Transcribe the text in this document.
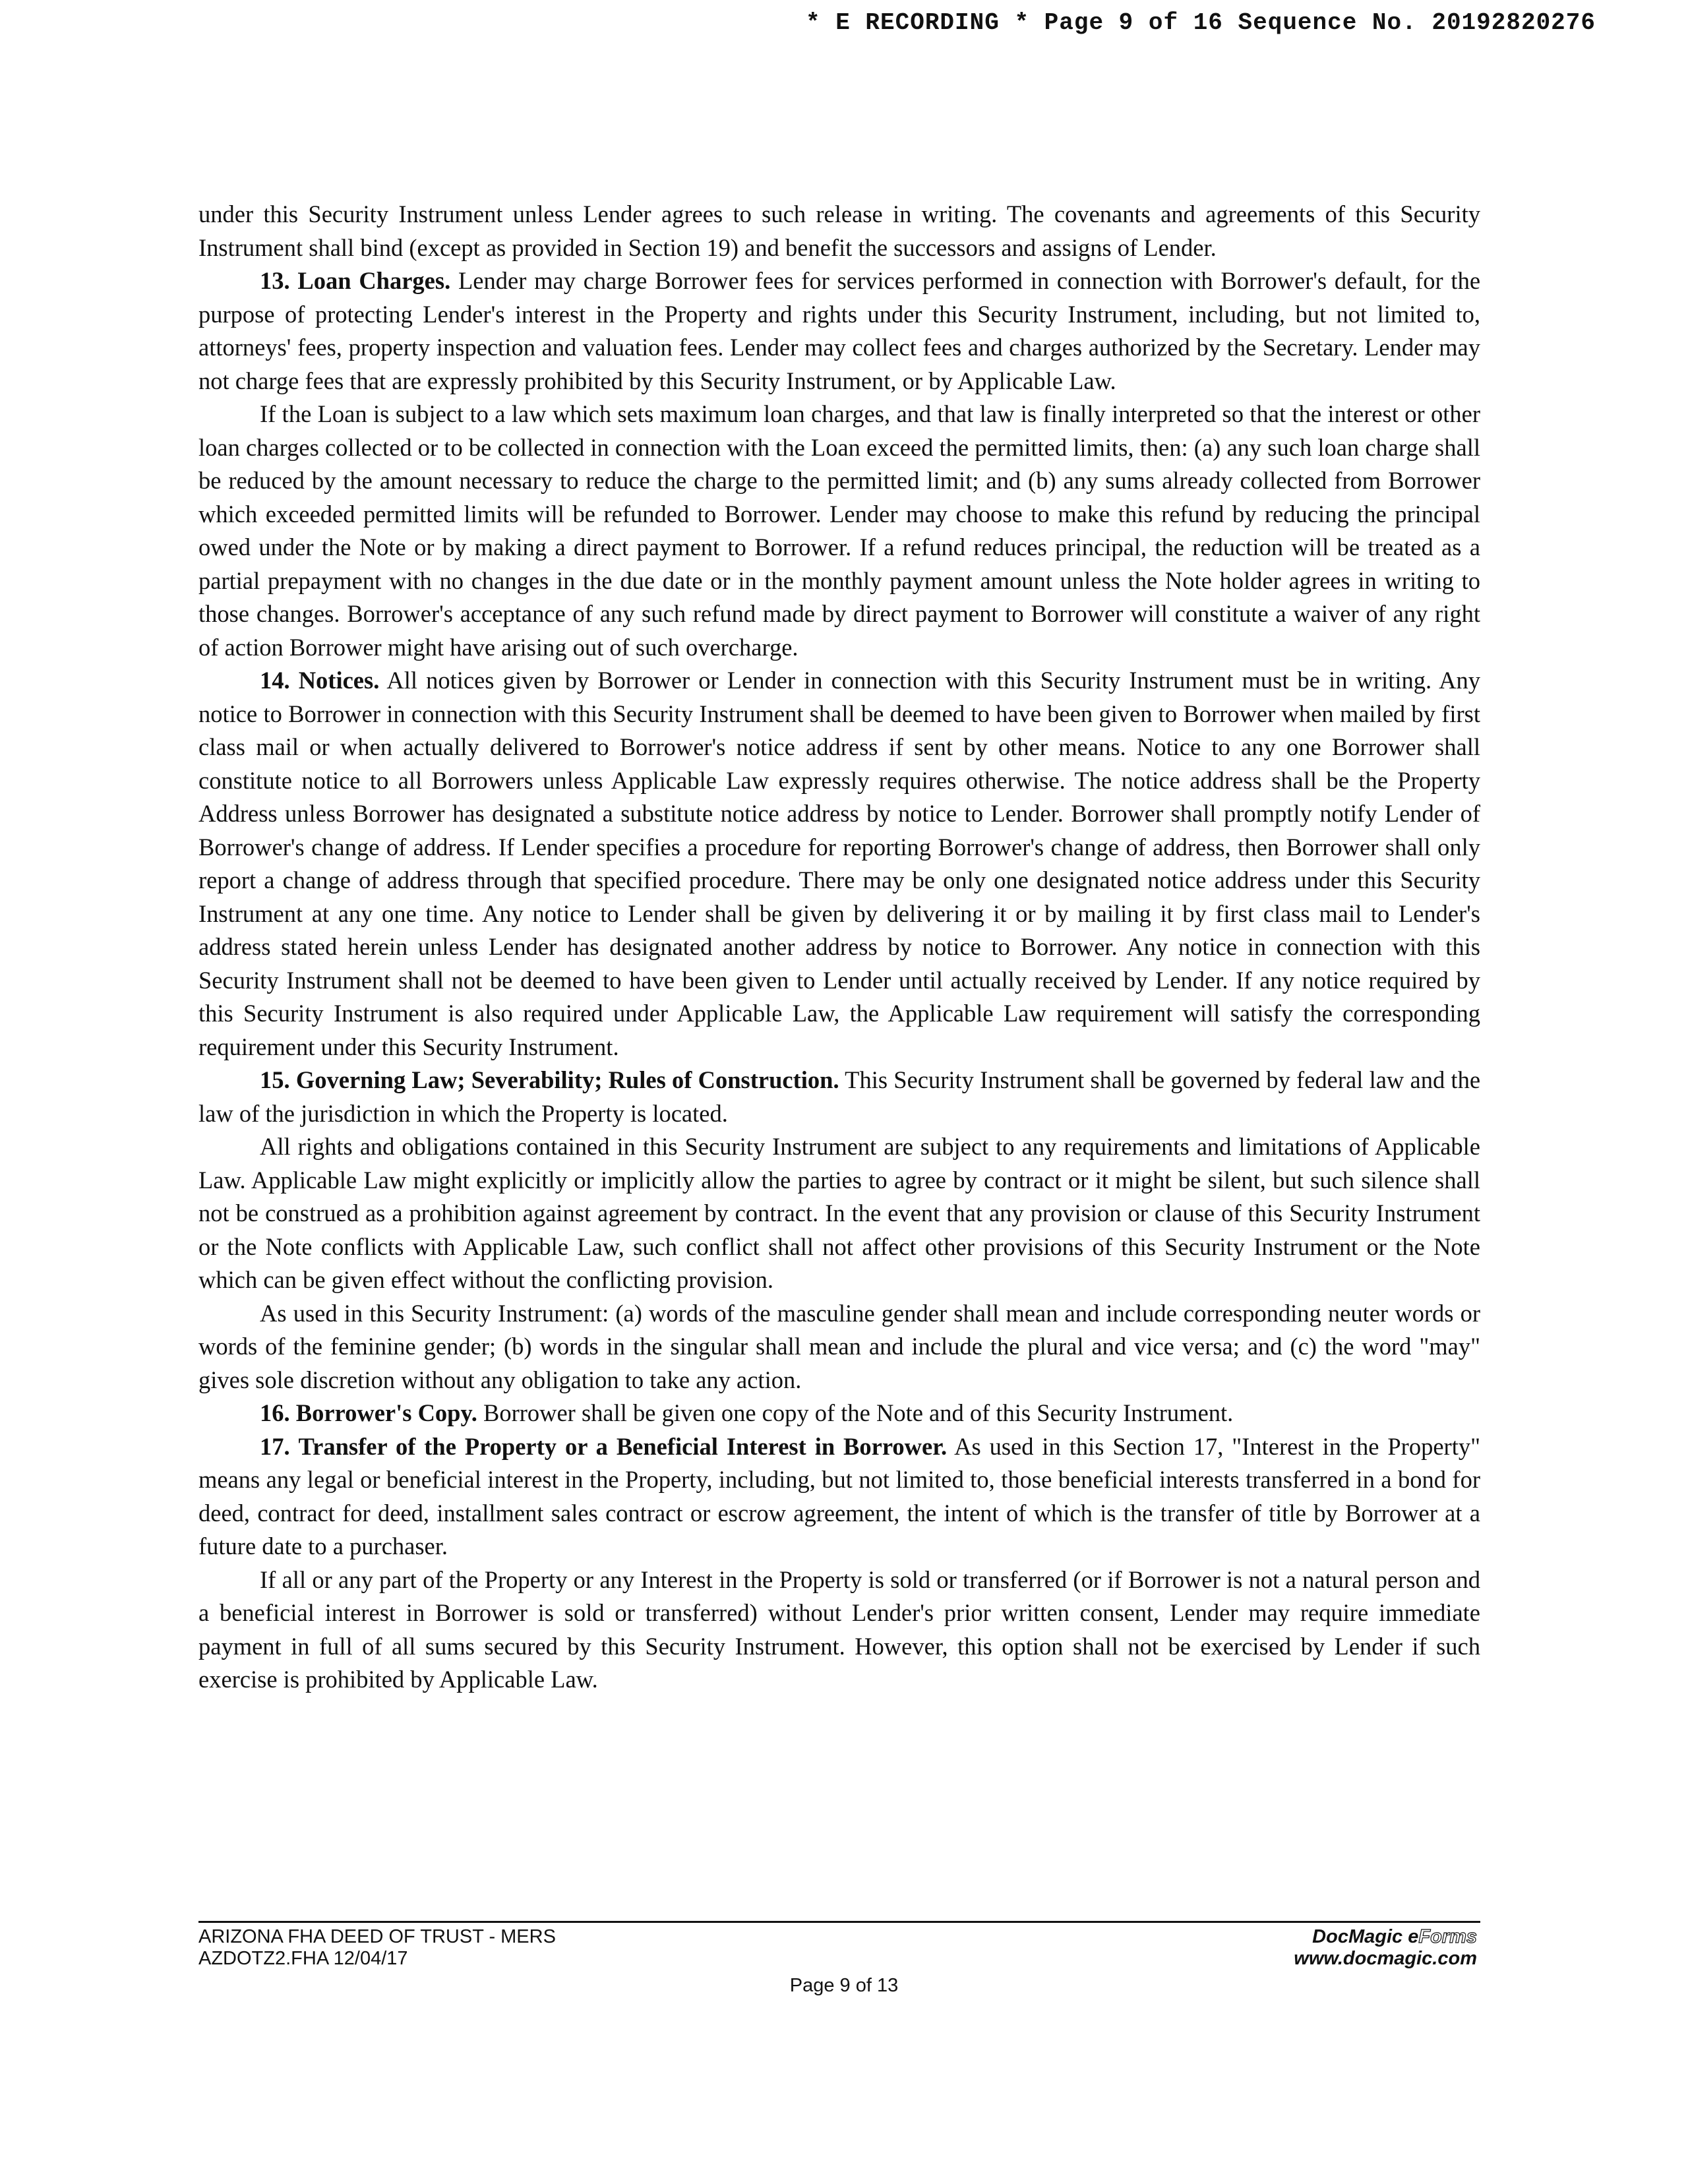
* E RECORDING * Page 9 of 16 Sequence No. 20192820276

under this Security Instrument unless Lender agrees to such release in writing. The covenants and agreements of this Security Instrument shall bind (except as provided in Section 19) and benefit the successors and assigns of Lender.

13. Loan Charges. Lender may charge Borrower fees for services performed in connection with Borrower's default, for the purpose of protecting Lender's interest in the Property and rights under this Security Instrument, including, but not limited to, attorneys' fees, property inspection and valuation fees. Lender may collect fees and charges authorized by the Secretary. Lender may not charge fees that are expressly prohibited by this Security Instrument, or by Applicable Law.

If the Loan is subject to a law which sets maximum loan charges, and that law is finally interpreted so that the interest or other loan charges collected or to be collected in connection with the Loan exceed the permitted limits, then: (a) any such loan charge shall be reduced by the amount necessary to reduce the charge to the permitted limit; and (b) any sums already collected from Borrower which exceeded permitted limits will be refunded to Borrower. Lender may choose to make this refund by reducing the principal owed under the Note or by making a direct payment to Borrower. If a refund reduces principal, the reduction will be treated as a partial prepayment with no changes in the due date or in the monthly payment amount unless the Note holder agrees in writing to those changes. Borrower's acceptance of any such refund made by direct payment to Borrower will constitute a waiver of any right of action Borrower might have arising out of such overcharge.

14. Notices. All notices given by Borrower or Lender in connection with this Security Instrument must be in writing. Any notice to Borrower in connection with this Security Instrument shall be deemed to have been given to Borrower when mailed by first class mail or when actually delivered to Borrower's notice address if sent by other means. Notice to any one Borrower shall constitute notice to all Borrowers unless Applicable Law expressly requires otherwise. The notice address shall be the Property Address unless Borrower has designated a substitute notice address by notice to Lender. Borrower shall promptly notify Lender of Borrower's change of address. If Lender specifies a procedure for reporting Borrower's change of address, then Borrower shall only report a change of address through that specified procedure. There may be only one designated notice address under this Security Instrument at any one time. Any notice to Lender shall be given by delivering it or by mailing it by first class mail to Lender's address stated herein unless Lender has designated another address by notice to Borrower. Any notice in connection with this Security Instrument shall not be deemed to have been given to Lender until actually received by Lender. If any notice required by this Security Instrument is also required under Applicable Law, the Applicable Law requirement will satisfy the corresponding requirement under this Security Instrument.

15. Governing Law; Severability; Rules of Construction. This Security Instrument shall be governed by federal law and the law of the jurisdiction in which the Property is located.

All rights and obligations contained in this Security Instrument are subject to any requirements and limitations of Applicable Law. Applicable Law might explicitly or implicitly allow the parties to agree by contract or it might be silent, but such silence shall not be construed as a prohibition against agreement by contract. In the event that any provision or clause of this Security Instrument or the Note conflicts with Applicable Law, such conflict shall not affect other provisions of this Security Instrument or the Note which can be given effect without the conflicting provision.

As used in this Security Instrument: (a) words of the masculine gender shall mean and include corresponding neuter words or words of the feminine gender; (b) words in the singular shall mean and include the plural and vice versa; and (c) the word "may" gives sole discretion without any obligation to take any action.

16. Borrower's Copy. Borrower shall be given one copy of the Note and of this Security Instrument.

17. Transfer of the Property or a Beneficial Interest in Borrower. As used in this Section 17, "Interest in the Property" means any legal or beneficial interest in the Property, including, but not limited to, those beneficial interests transferred in a bond for deed, contract for deed, installment sales contract or escrow agreement, the intent of which is the transfer of title by Borrower at a future date to a purchaser.

If all or any part of the Property or any Interest in the Property is sold or transferred (or if Borrower is not a natural person and a beneficial interest in Borrower is sold or transferred) without Lender's prior written consent, Lender may require immediate payment in full of all sums secured by this Security Instrument. However, this option shall not be exercised by Lender if such exercise is prohibited by Applicable Law.

ARIZONA FHA DEED OF TRUST - MERS
AZDOTZ2.FHA 12/04/17
DocMagic eForms
www.docmagic.com
Page 9 of 13
